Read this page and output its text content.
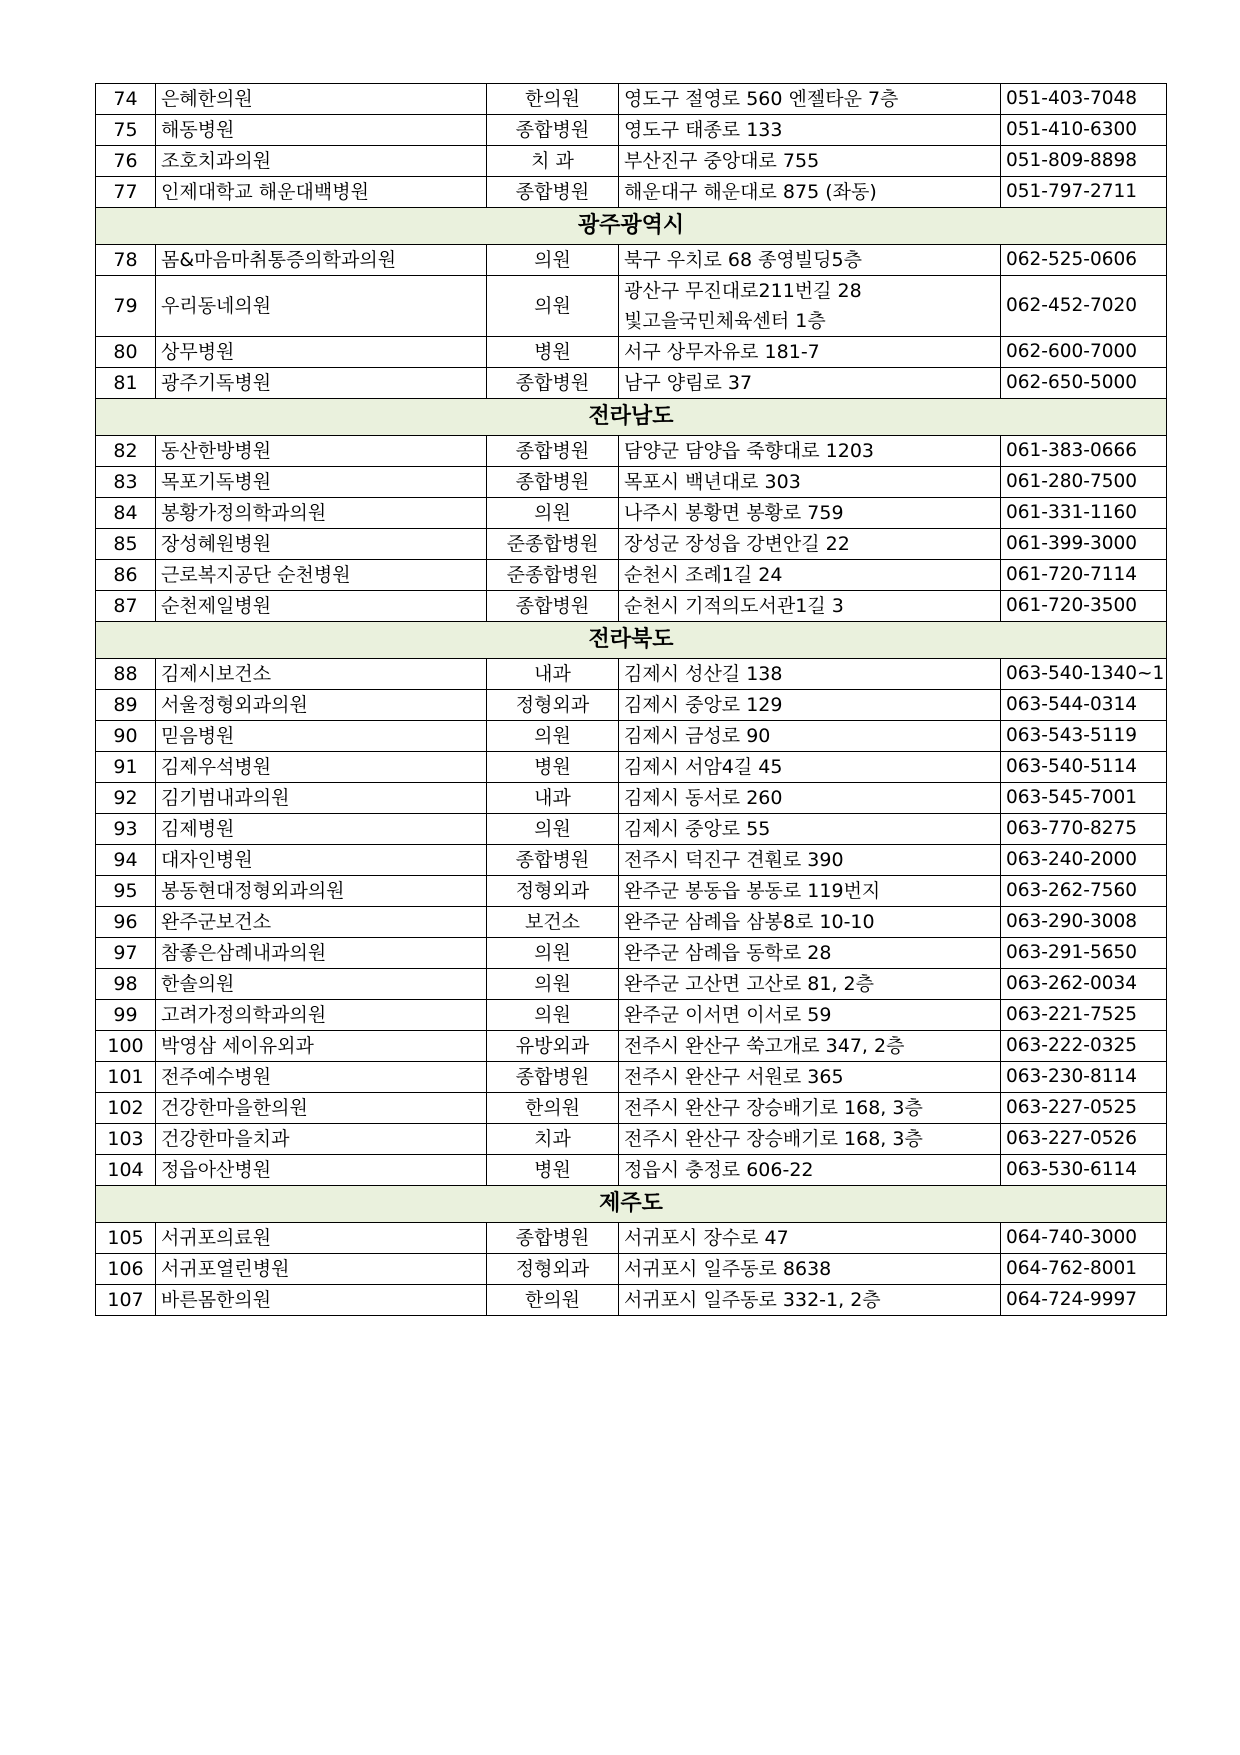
74	은혜한의원	한의원	영도구 절영로 560 엔젤타운 7층	051-403-7048
75	해동병원	종합병원	영도구 태종로 133	051-410-6300
76	조호치과의원	치 과	부산진구 중앙대로 755	051-809-8898
77	인제대학교 해운대백병원	종합병원	해운대구 해운대로 875 (좌동)	051-797-2711
광주광역시				
78	몸&마음마취통증의학과의원	의원	북구 우치로 68 종영빌딩5층	062-525-0606
79	우리동네의원	의원	광산구 무진대로211번길 28
빛고을국민체육센터 1층	062-452-7020
80	상무병원	병원	서구 상무자유로 181-7	062-600-7000
81	광주기독병원	종합병원	남구 양림로 37	062-650-5000
전라남도				
82	동산한방병원	종합병원	담양군 담양읍 죽향대로 1203	061-383-0666
83	목포기독병원	종합병원	목포시 백년대로 303	061-280-7500
84	봉황가정의학과의원	의원	나주시 봉황면 봉황로 759	061-331-1160
85	장성혜원병원	준종합병원	장성군 장성읍 강변안길 22	061-399-3000
86	근로복지공단 순천병원	준종합병원	순천시 조례1길 24	061-720-7114
87	순천제일병원	종합병원	순천시 기적의도서관1길 3	061-720-3500
전라북도				
88	김제시보건소	내과	김제시 성산길 138	063-540-1340~1
89	서울정형외과의원	정형외과	김제시 중앙로 129	063-544-0314
90	믿음병원	의원	김제시 금성로 90	063-543-5119
91	김제우석병원	병원	김제시 서암4길 45	063-540-5114
92	김기범내과의원	내과	김제시 동서로 260	063-545-7001
93	김제병원	의원	김제시 중앙로 55	063-770-8275
94	대자인병원	종합병원	전주시 덕진구 견훤로 390	063-240-2000
95	봉동현대정형외과의원	정형외과	완주군 봉동읍 봉동로 119번지	063-262-7560
96	완주군보건소	보건소	완주군 삼례읍 삼봉8로 10-10	063-290-3008
97	참좋은삼례내과의원	의원	완주군 삼례읍 동학로 28	063-291-5650
98	한솔의원	의원	완주군 고산면 고산로 81, 2층	063-262-0034
99	고려가정의학과의원	의원	완주군 이서면 이서로 59	063-221-7525
100	박영삼 세이유외과	유방외과	전주시 완산구 쑥고개로 347, 2층	063-222-0325
101	전주예수병원	종합병원	전주시 완산구 서원로 365	063-230-8114
102	건강한마을한의원	한의원	전주시 완산구 장승배기로 168, 3층	063-227-0525
103	건강한마을치과	치과	전주시 완산구 장승배기로 168, 3층	063-227-0526
104	정읍아산병원	병원	정읍시 충정로 606-22	063-530-6114
제주도				
105	서귀포의료원	종합병원	서귀포시 장수로 47	064-740-3000
106	서귀포열린병원	정형외과	서귀포시 일주동로 8638	064-762-8001
107	바른몸한의원	한의원	서귀포시 일주동로 332-1, 2층	064-724-9997
